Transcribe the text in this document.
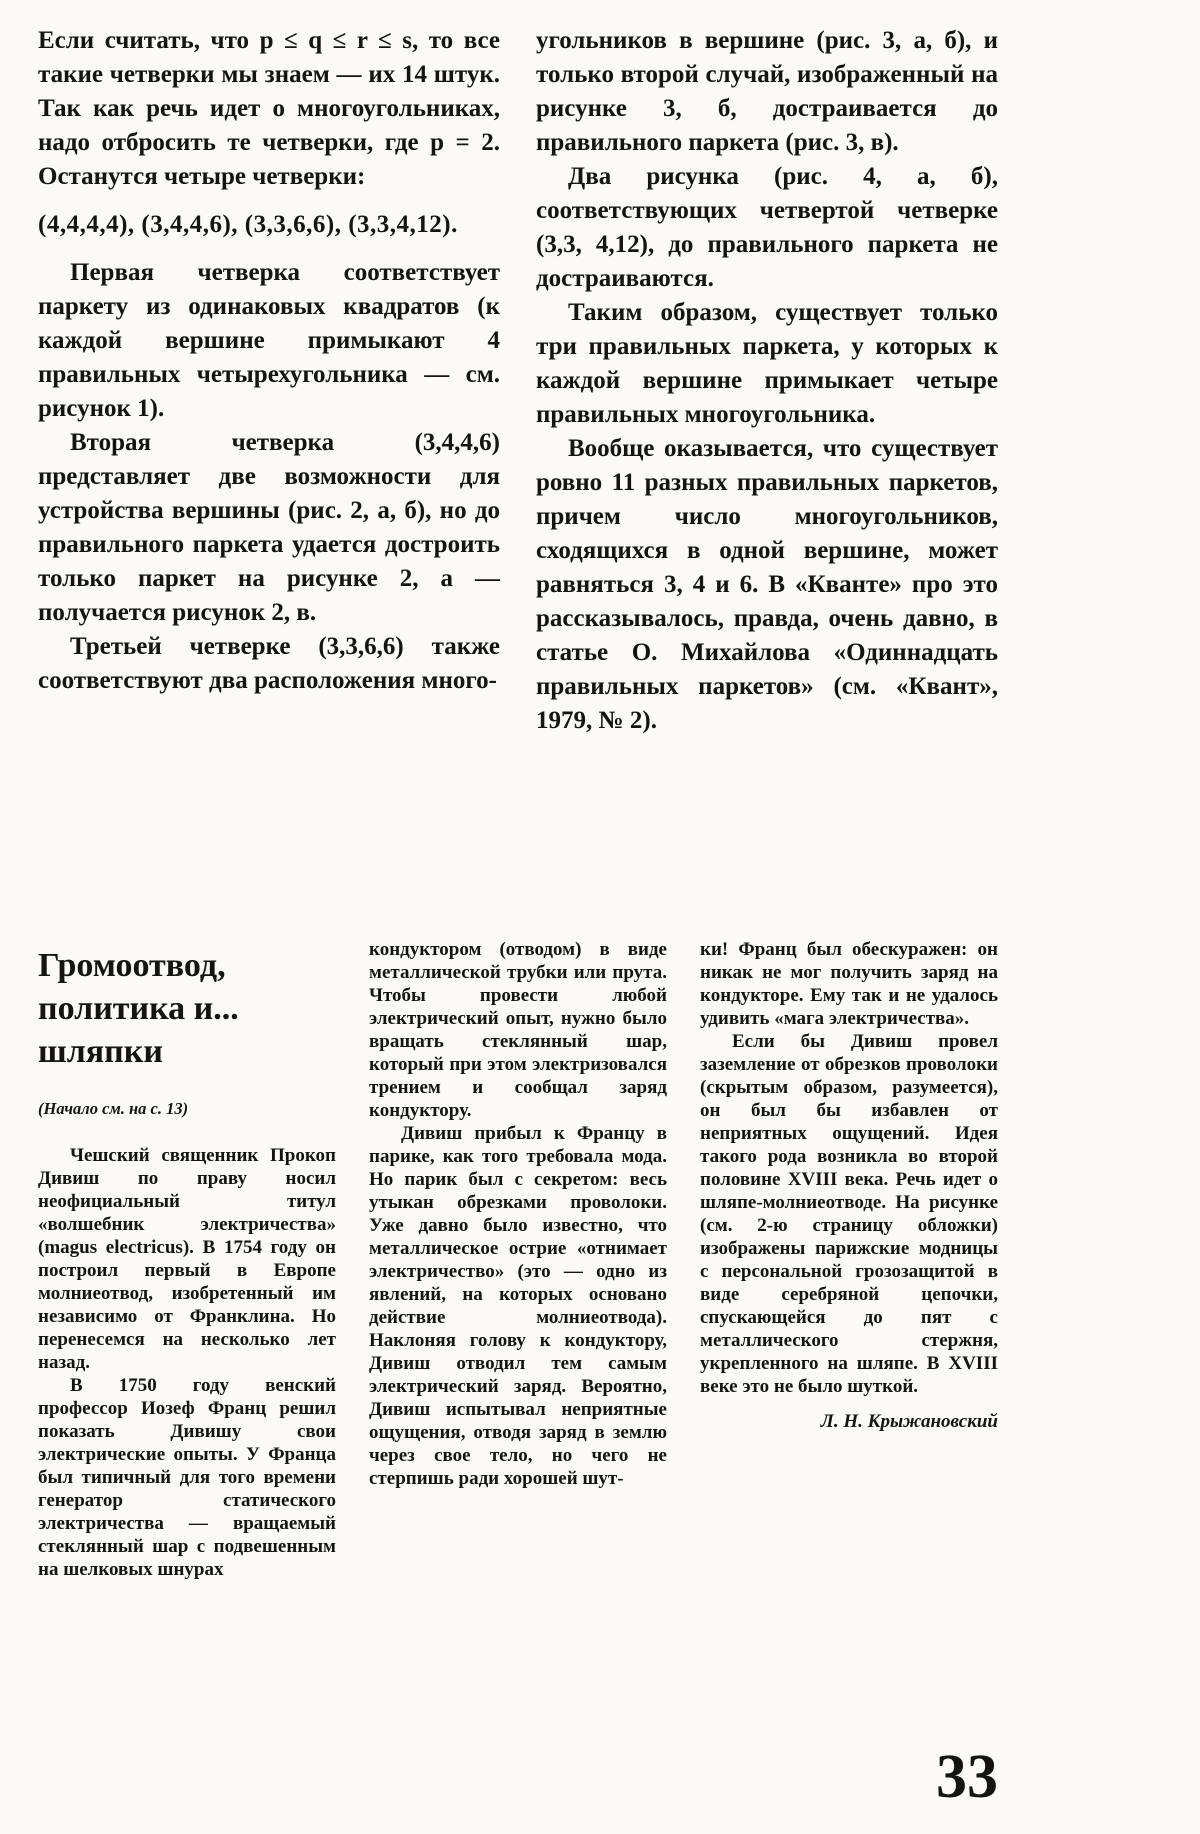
Если считать, что p ≤ q ≤ r ≤ s, то все такие четверки мы знаем — их 14 штук. Так как речь идет о многоугольниках, надо отбросить те четверки, где p = 2. Останутся четыре четверки:

(4,4,4,4), (3,4,4,6), (3,3,6,6), (3,3,4,12).

Первая четверка соответствует паркету из одинаковых квадратов (к каждой вершине примыкают 4 правильных четырехугольника — см. рисунок 1).

Вторая четверка (3,4,4,6) представляет две возможности для устройства вершины (рис. 2, а, б), но до правильного паркета удается достроить только паркет на рисунке 2, а — получается рисунок 2, в.

Третьей четверке (3,3,6,6) также соответствуют два расположения много-

угольников в вершине (рис. 3, а, б), и только второй случай, изображенный на рисунке 3, б, достраивается до правильного паркета (рис. 3, в).

Два рисунка (рис. 4, а, б), соответствующих четвертой четверке (3,3, 4,12), до правильного паркета не достраиваются.

Таким образом, существует только три правильных паркета, у которых к каждой вершине примыкает четыре правильных многоугольника.

Вообще оказывается, что существует ровно 11 разных правильных паркетов, причем число многоугольников, сходящихся в одной вершине, может равняться 3, 4 и 6. В «Кванте» про это рассказывалось, правда, очень давно, в статье О. Михайлова «Одиннадцать правильных паркетов» (см. «Квант», 1979, № 2).

Громоотвод, политика и... шляпки

(Начало см. на с. 13)

Чешский священник Прокоп Дивиш по праву носил неофициальный титул «волшебник электричества» (magus electricus). В 1754 году он построил первый в Европе молниеотвод, изобретенный им независимо от Франклина. Но перенесемся на несколько лет назад.

В 1750 году венский профессор Иозеф Франц решил показать Дивишу свои электрические опыты. У Франца был типичный для того времени генератор статического электричества — вращаемый стеклянный шар с подвешенным на шелковых шнурах

кондуктором (отводом) в виде металлической трубки или прута. Чтобы провести любой электрический опыт, нужно было вращать стеклянный шар, который при этом электризовался трением и сообщал заряд кондуктору.

Дивиш прибыл к Францу в парике, как того требовала мода. Но парик был с секретом: весь утыкан обрезками проволоки. Уже давно было известно, что металлическое острие «отнимает электричество» (это — одно из явлений, на которых основано действие молниеотвода). Наклоняя голову к кондуктору, Дивиш отводил тем самым электрический заряд. Вероятно, Дивиш испытывал неприятные ощущения, отводя заряд в землю через свое тело, но чего не стерпишь ради хорошей шут-

ки! Франц был обескуражен: он никак не мог получить заряд на кондукторе. Ему так и не удалось удивить «мага электричества».

Если бы Дивиш провел заземление от обрезков проволоки (скрытым образом, разумеется), он был бы избавлен от неприятных ощущений. Идея такого рода возникла во второй половине XVIII века. Речь идет о шляпе-молниеотводе. На рисунке (см. 2-ю страницу обложки) изображены парижские модницы с персональной грозозащитой в виде серебряной цепочки, спускающейся до пят с металлического стержня, укрепленного на шляпе. В XVIII веке это не было шуткой.

Л. Н. Крыжановский

33
